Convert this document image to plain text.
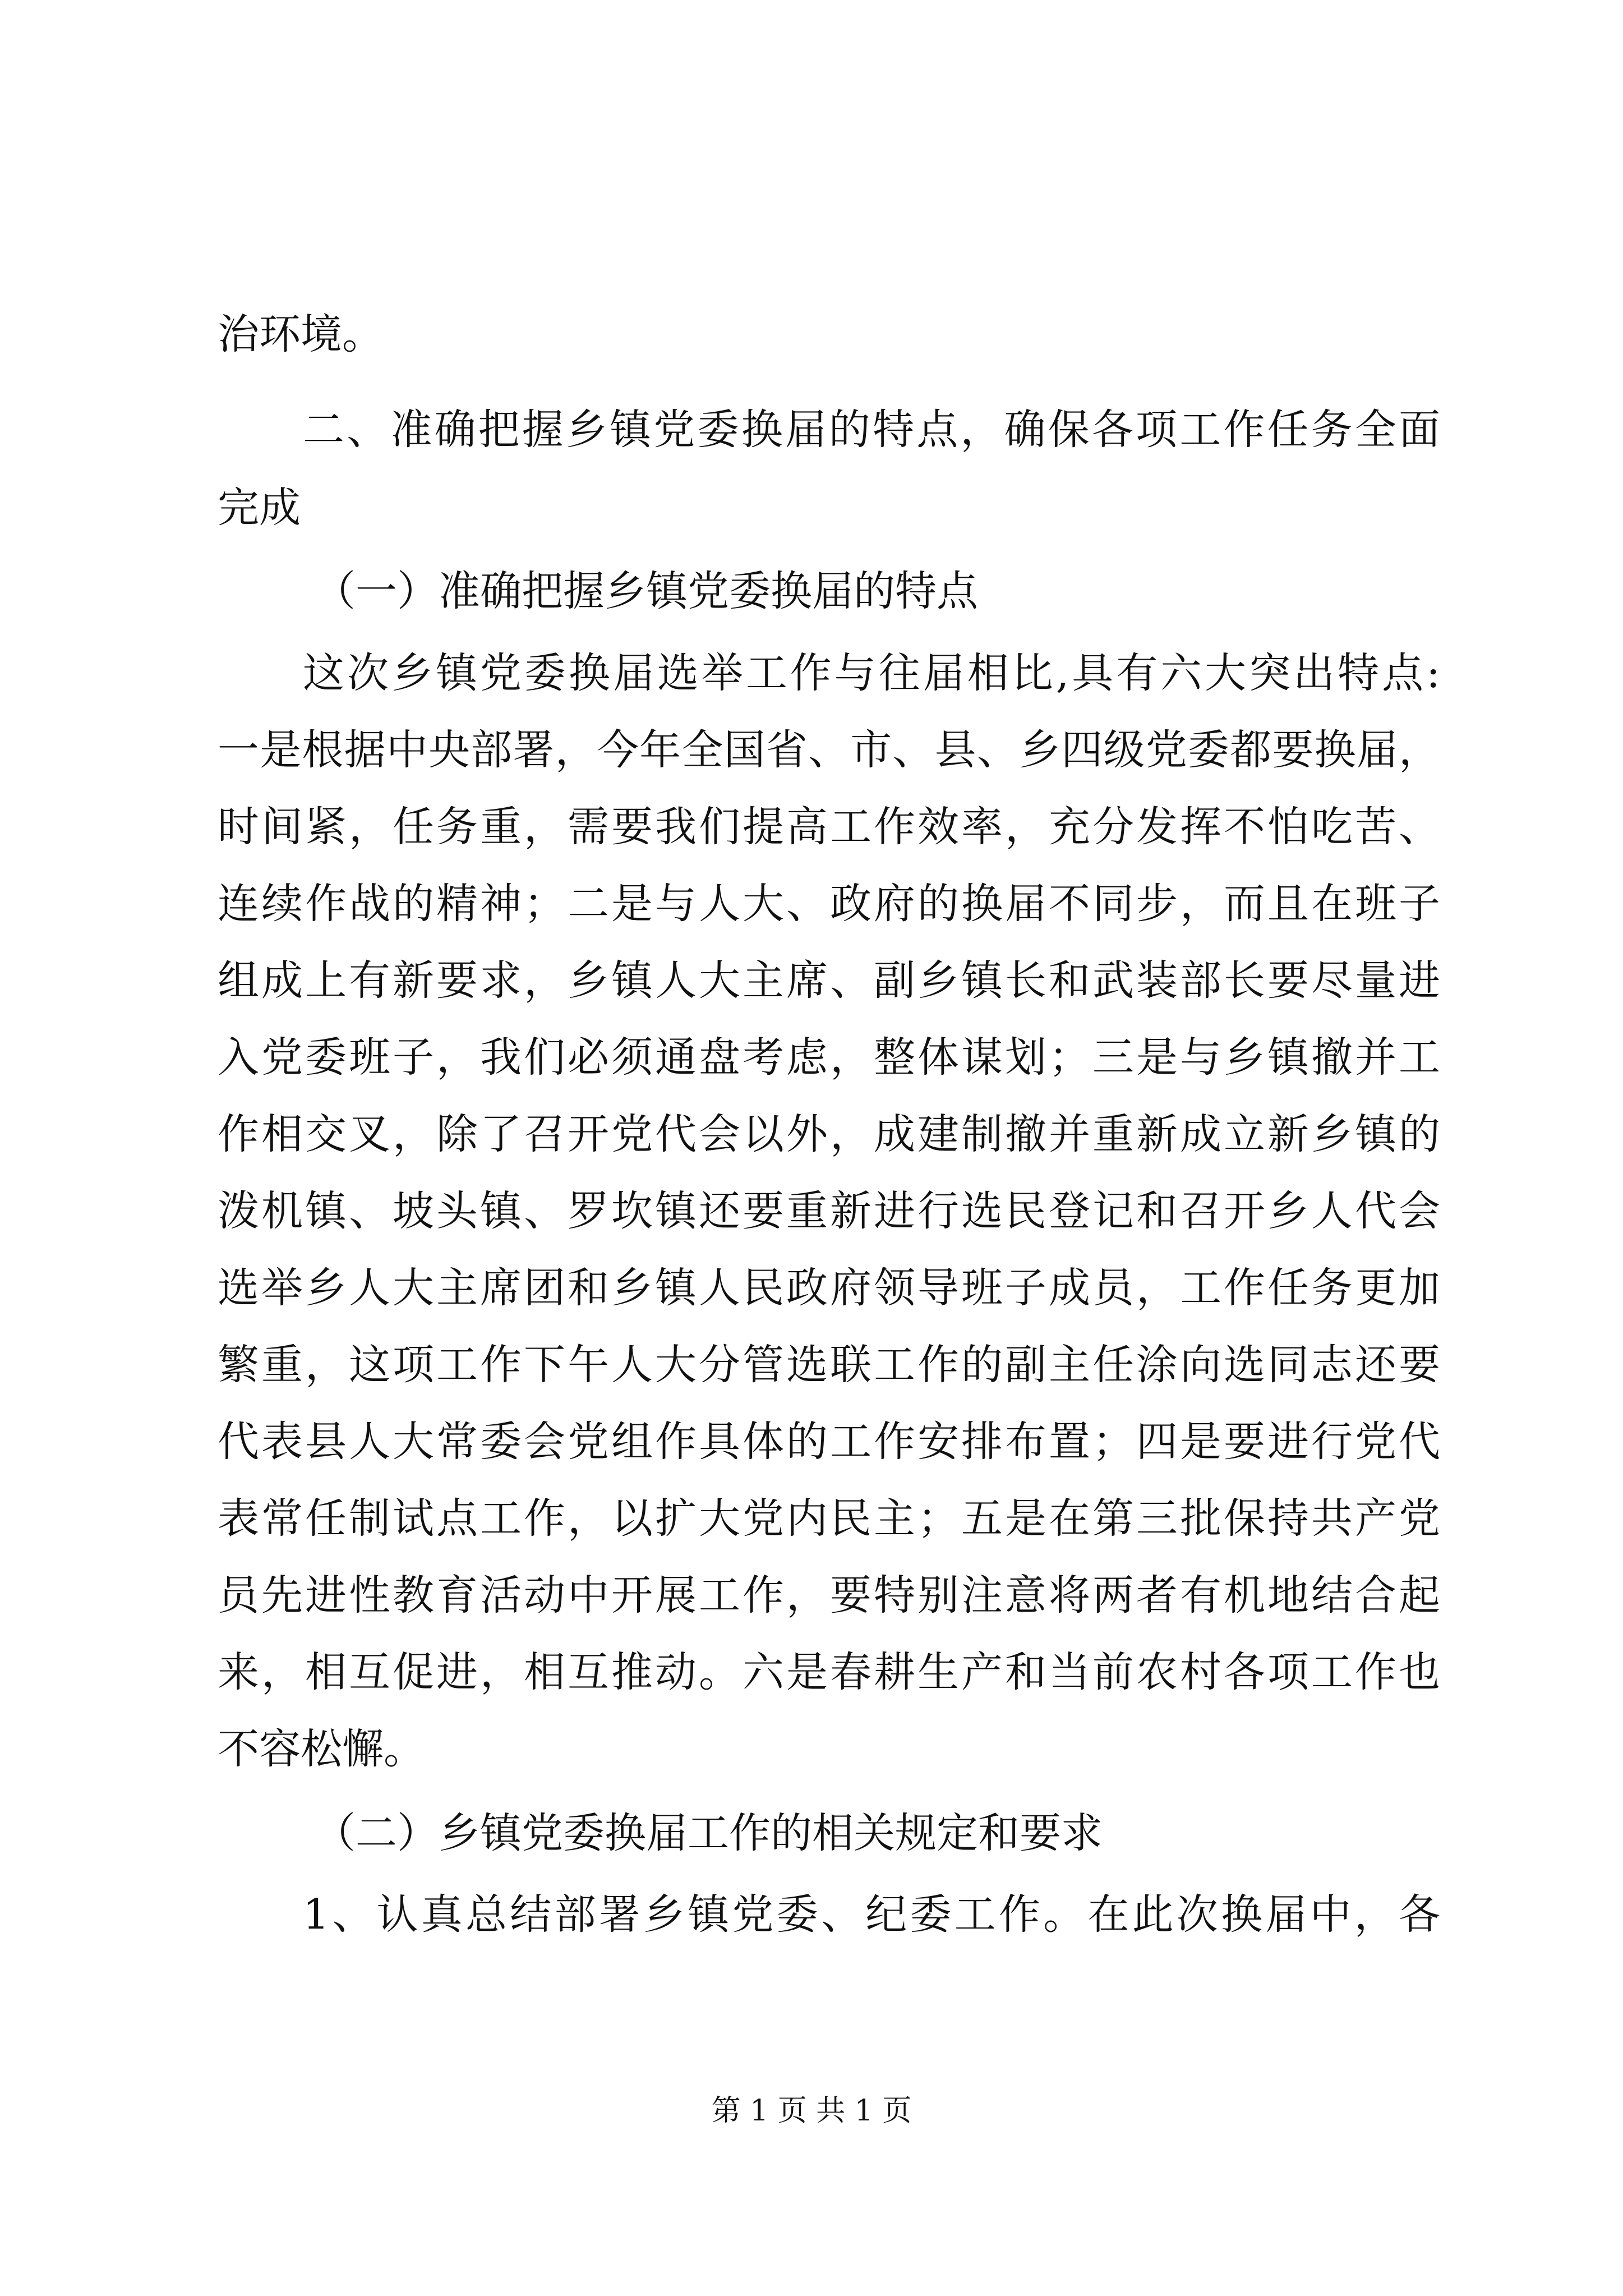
治环境。
二、准确把握乡镇党委换届的特点，确保各项工作任务全面
完成
（一）准确把握乡镇党委换届的特点
这次乡镇党委换届选举工作与往届相比,具有六大突出特点:
一是根据中央部署，今年全国省、市、县、乡四级党委都要换届，
时间紧，任务重，需要我们提高工作效率，充分发挥不怕吃苦、
连续作战的精神；二是与人大、政府的换届不同步，而且在班子
组成上有新要求，乡镇人大主席、副乡镇长和武装部长要尽量进
入党委班子，我们必须通盘考虑，整体谋划；三是与乡镇撤并工
作相交叉，除了召开党代会以外，成建制撤并重新成立新乡镇的
泼机镇、坡头镇、罗坎镇还要重新进行选民登记和召开乡人代会
选举乡人大主席团和乡镇人民政府领导班子成员，工作任务更加
繁重，这项工作下午人大分管选联工作的副主任涂向选同志还要
代表县人大常委会党组作具体的工作安排布置；四是要进行党代
表常任制试点工作，以扩大党内民主；五是在第三批保持共产党
员先进性教育活动中开展工作，要特别注意将两者有机地结合起
来，相互促进，相互推动。六是春耕生产和当前农村各项工作也
不容松懈。
（二）乡镇党委换届工作的相关规定和要求
1、认真总结部署乡镇党委、纪委工作。在此次换届中，各
第 1 页 共 1 页
